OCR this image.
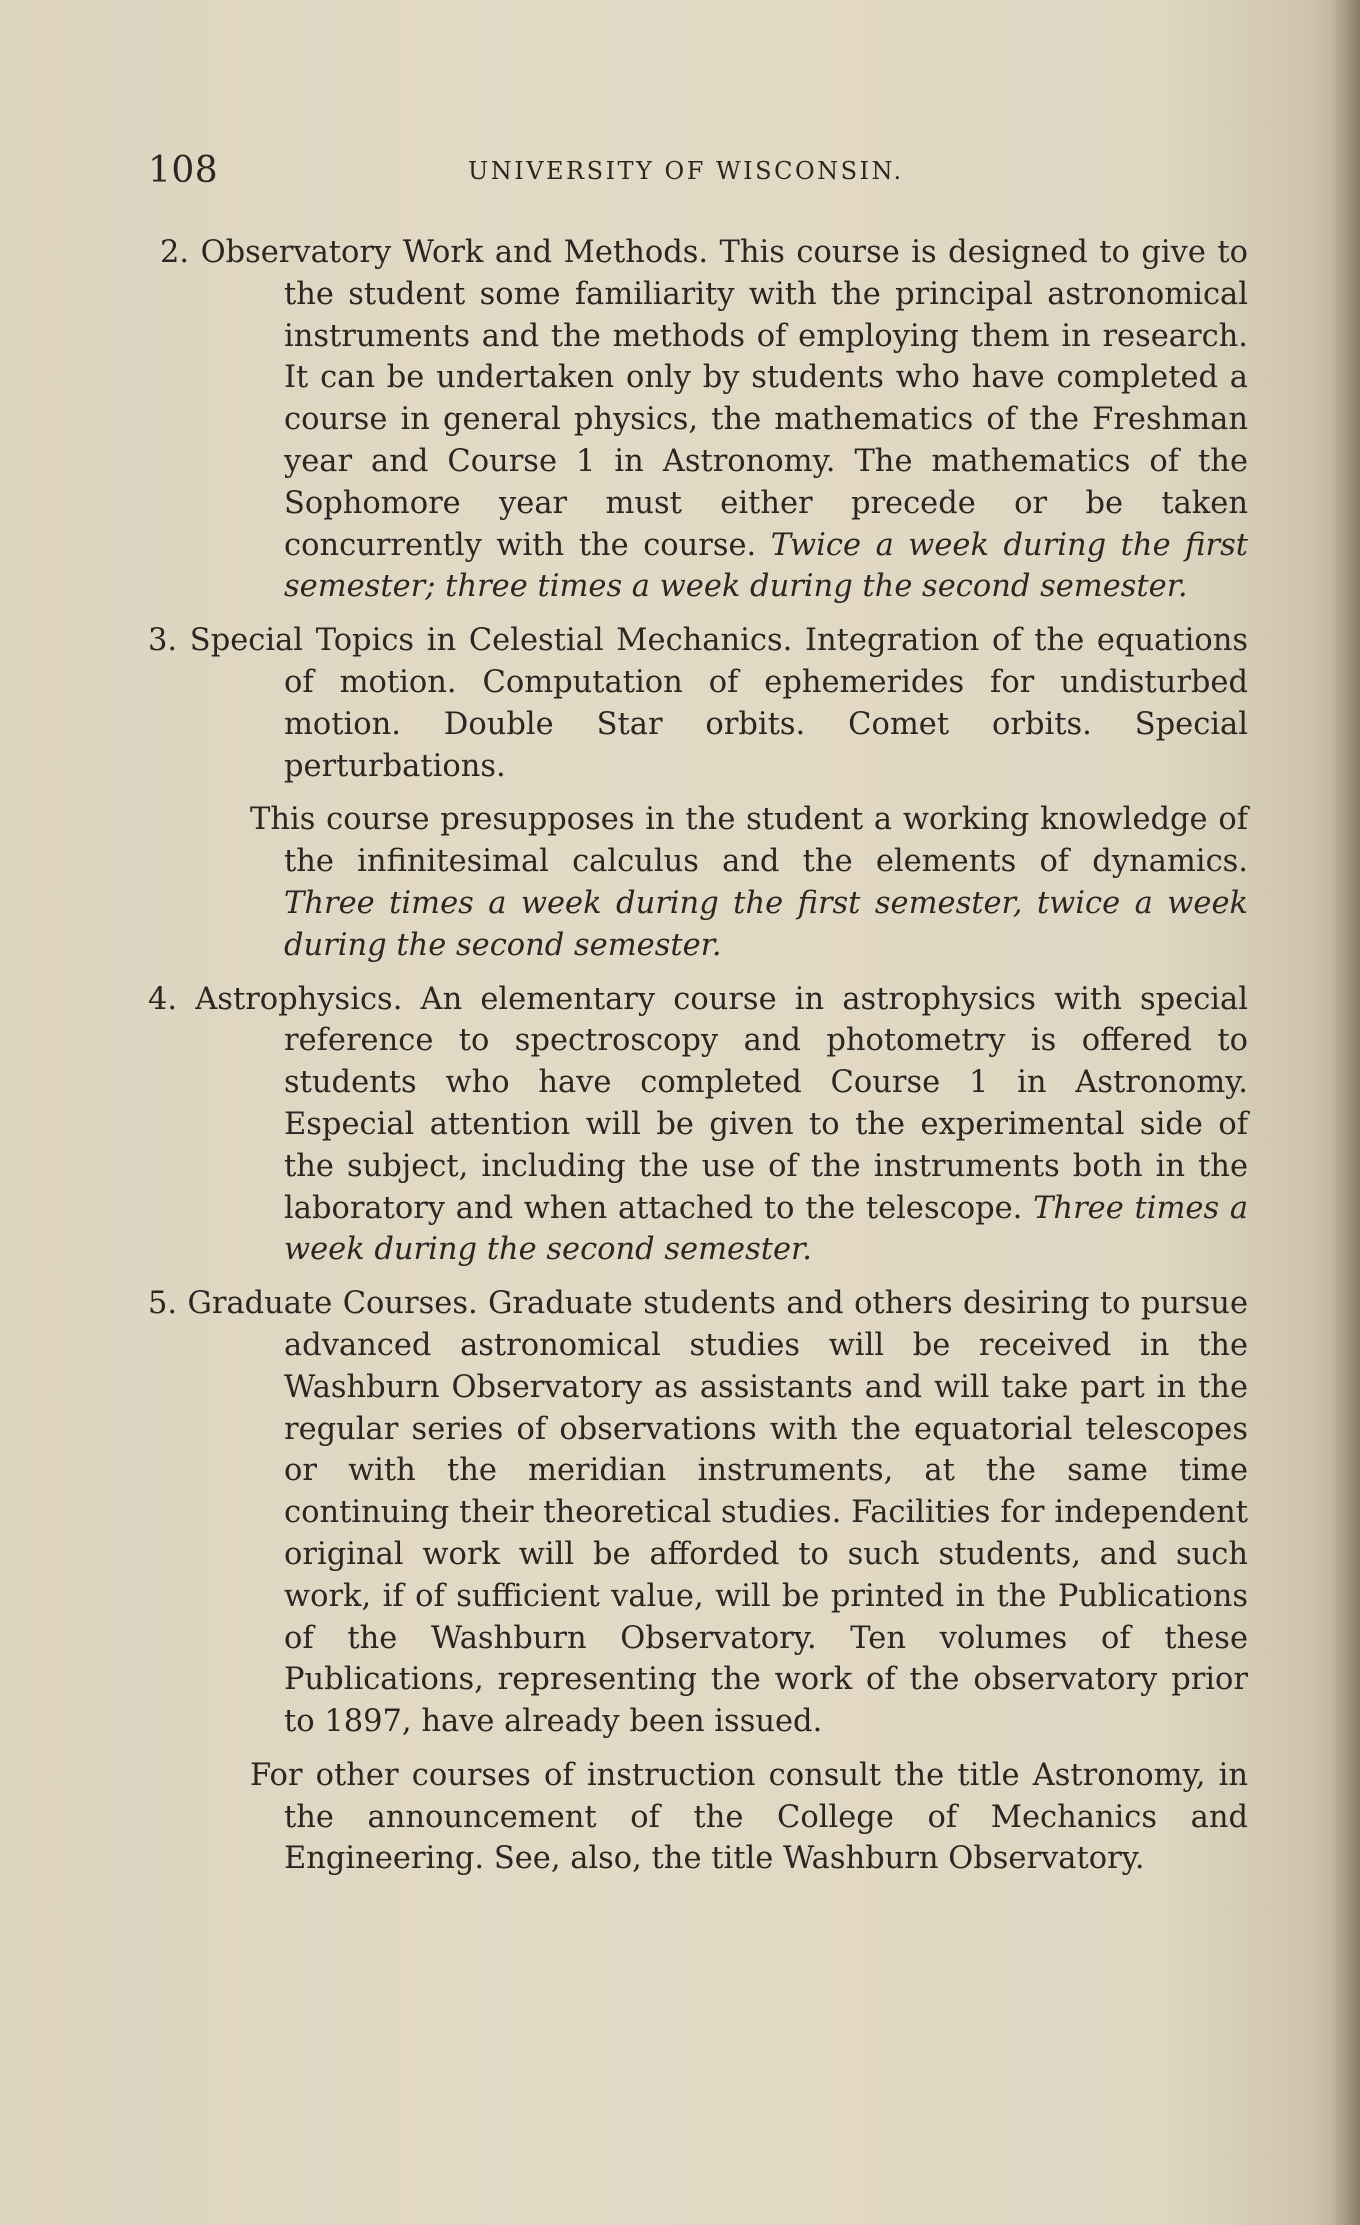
108	UNIVERSITY OF WISCONSIN.

2. Observatory Work and Methods. This course is designed to give to the student some familiarity with the principal astronomical instruments and the methods of employing them in research. It can be undertaken only by students who have completed a course in general physics, the mathematics of the Freshman year and Course 1 in Astronomy. The mathematics of the Sophomore year must either precede or be taken concurrently with the course. Twice a week during the first semester; three times a week during the second semester.

3. Special Topics in Celestial Mechanics. Integration of the equations of motion. Computation of ephemerides for undisturbed motion. Double Star orbits. Comet orbits. Special perturbations.

This course presupposes in the student a working knowledge of the infinitesimal calculus and the elements of dynamics. Three times a week during the first semester, twice a week during the second semester.

4. Astrophysics. An elementary course in astrophysics with special reference to spectroscopy and photometry is offered to students who have completed Course 1 in Astronomy. Especial attention will be given to the experimental side of the subject, including the use of the instruments both in the laboratory and when attached to the telescope. Three times a week during the second semester.

5. Graduate Courses. Graduate students and others desiring to pursue advanced astronomical studies will be received in the Washburn Observatory as assistants and will take part in the regular series of observations with the equatorial telescopes or with the meridian instruments, at the same time continuing their theoretical studies. Facilities for independent original work will be afforded to such students, and such work, if of sufficient value, will be printed in the Publications of the Washburn Observatory. Ten volumes of these Publications, representing the work of the observatory prior to 1897, have already been issued.

For other courses of instruction consult the title Astronomy, in the announcement of the College of Mechanics and Engineering. See, also, the title Washburn Observatory.
